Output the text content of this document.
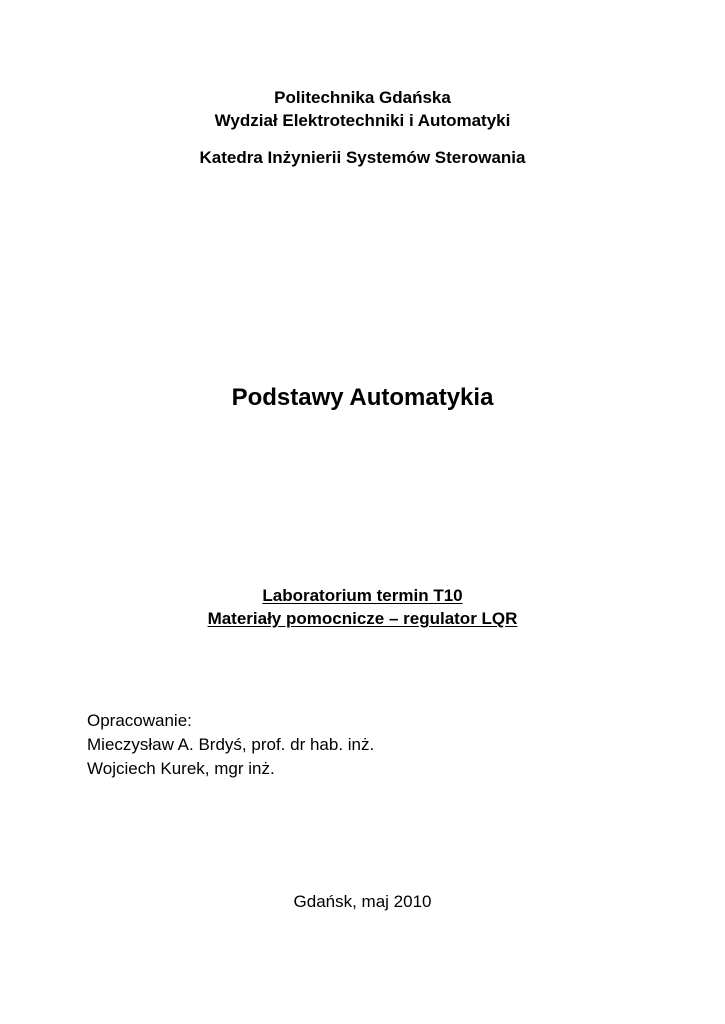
Politechnika Gdańska
Wydział Elektrotechniki i Automatyki
Katedra Inżynierii Systemów Sterowania
Podstawy Automatykia
Laboratorium termin T10
Materiały pomocnicze – regulator LQR
Opracowanie:
Mieczysław A. Brdyś, prof. dr hab. inż.
Wojciech Kurek, mgr inż.
Gdańsk, maj 2010
